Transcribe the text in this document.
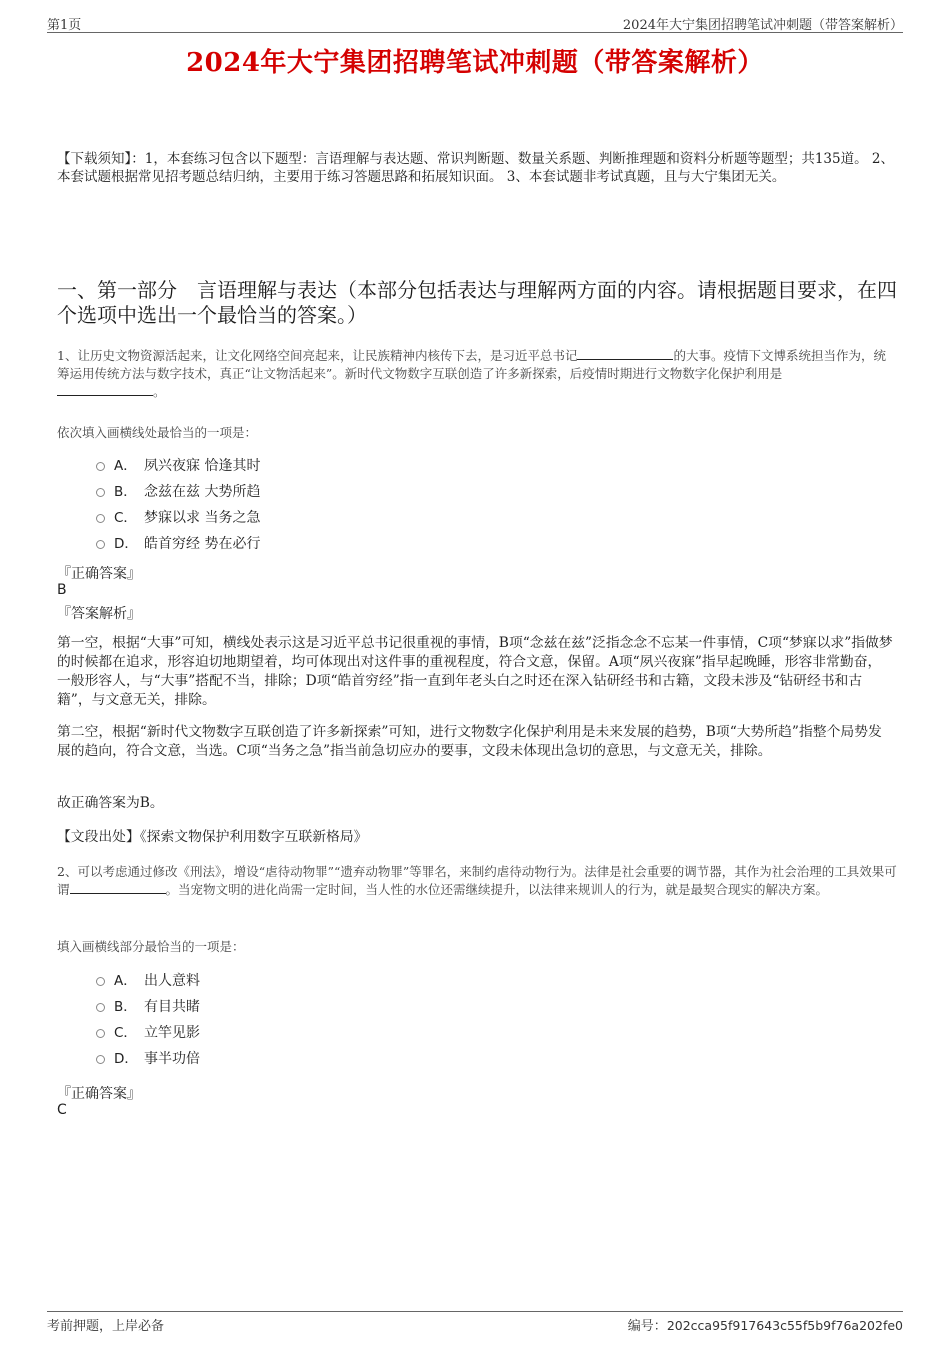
第1页	2024年大宁集团招聘笔试冲刺题（带答案解析）
2024年大宁集团招聘笔试冲刺题（带答案解析）
【下载须知】：1，本套练习包含以下题型：言语理解与表达题、常识判断题、数量关系题、判断推理题和资料分析题等题型；共135道。 2、本套试题根据常见招考题总结归纳，主要用于练习答题思路和拓展知识面。 3、本套试题非考试真题，且与大宁集团无关。
一、第一部分　言语理解与表达（本部分包括表达与理解两方面的内容。请根据题目要求，在四个选项中选出一个最恰当的答案。）
1、让历史文物资源活起来，让文化网络空间亮起来，让民族精神内核传下去，是习近平总书记	的大事。疫情下文博系统担当作为，统筹运用传统方法与数字技术，真正“让文物活起来”。新时代文物数字互联创造了许多新探索，后疫情时期进行文物数字化保护利用是
。
依次填入画横线处最恰当的一项是：
A． 夙兴夜寐 恰逢其时
B． 念兹在兹 大势所趋
C． 梦寐以求 当务之急
D． 皓首穷经 势在必行
『正确答案』
B
『答案解析』
第一空，根据“大事”可知，横线处表示这是习近平总书记很重视的事情，B项“念兹在兹”泛指念念不忘某一件事情，C项“梦寐以求”指做梦的时候都在追求，形容迫切地期望着，均可体现出对这件事的重视程度，符合文意，保留。A项“夙兴夜寐”指早起晚睡，形容非常勤奋，一般形容人，与“大事”搭配不当，排除；D项“皓首穷经”指一直到年老头白之时还在深入钻研经书和古籍，文段未涉及“钻研经书和古籍”，与文意无关，排除。
第二空，根据“新时代文物数字互联创造了许多新探索”可知，进行文物数字化保护利用是未来发展的趋势，B项“大势所趋”指整个局势发展的趋向，符合文意，当选。C项“当务之急”指当前急切应办的要事，文段未体现出急切的意思，与文意无关，排除。
故正确答案为B。
【文段出处】《探索文物保护利用数字互联新格局》
2、可以考虑通过修改《刑法》，增设“虐待动物罪”“遗弃动物罪”等罪名，来制约虐待动物行为。法律是社会重要的调节器，其作为社会治理的工具效果可谓	。当宠物文明的进化尚需一定时间，当人性的水位还需继续提升，以法律来规训人的行为，就是最契合现实的解决方案。
填入画横线部分最恰当的一项是：
A． 出人意料
B． 有目共睹
C． 立竿见影
D． 事半功倍
『正确答案』
C
考前押题，上岸必备	编号：202cca95f917643c55f5b9f76a202fe0
